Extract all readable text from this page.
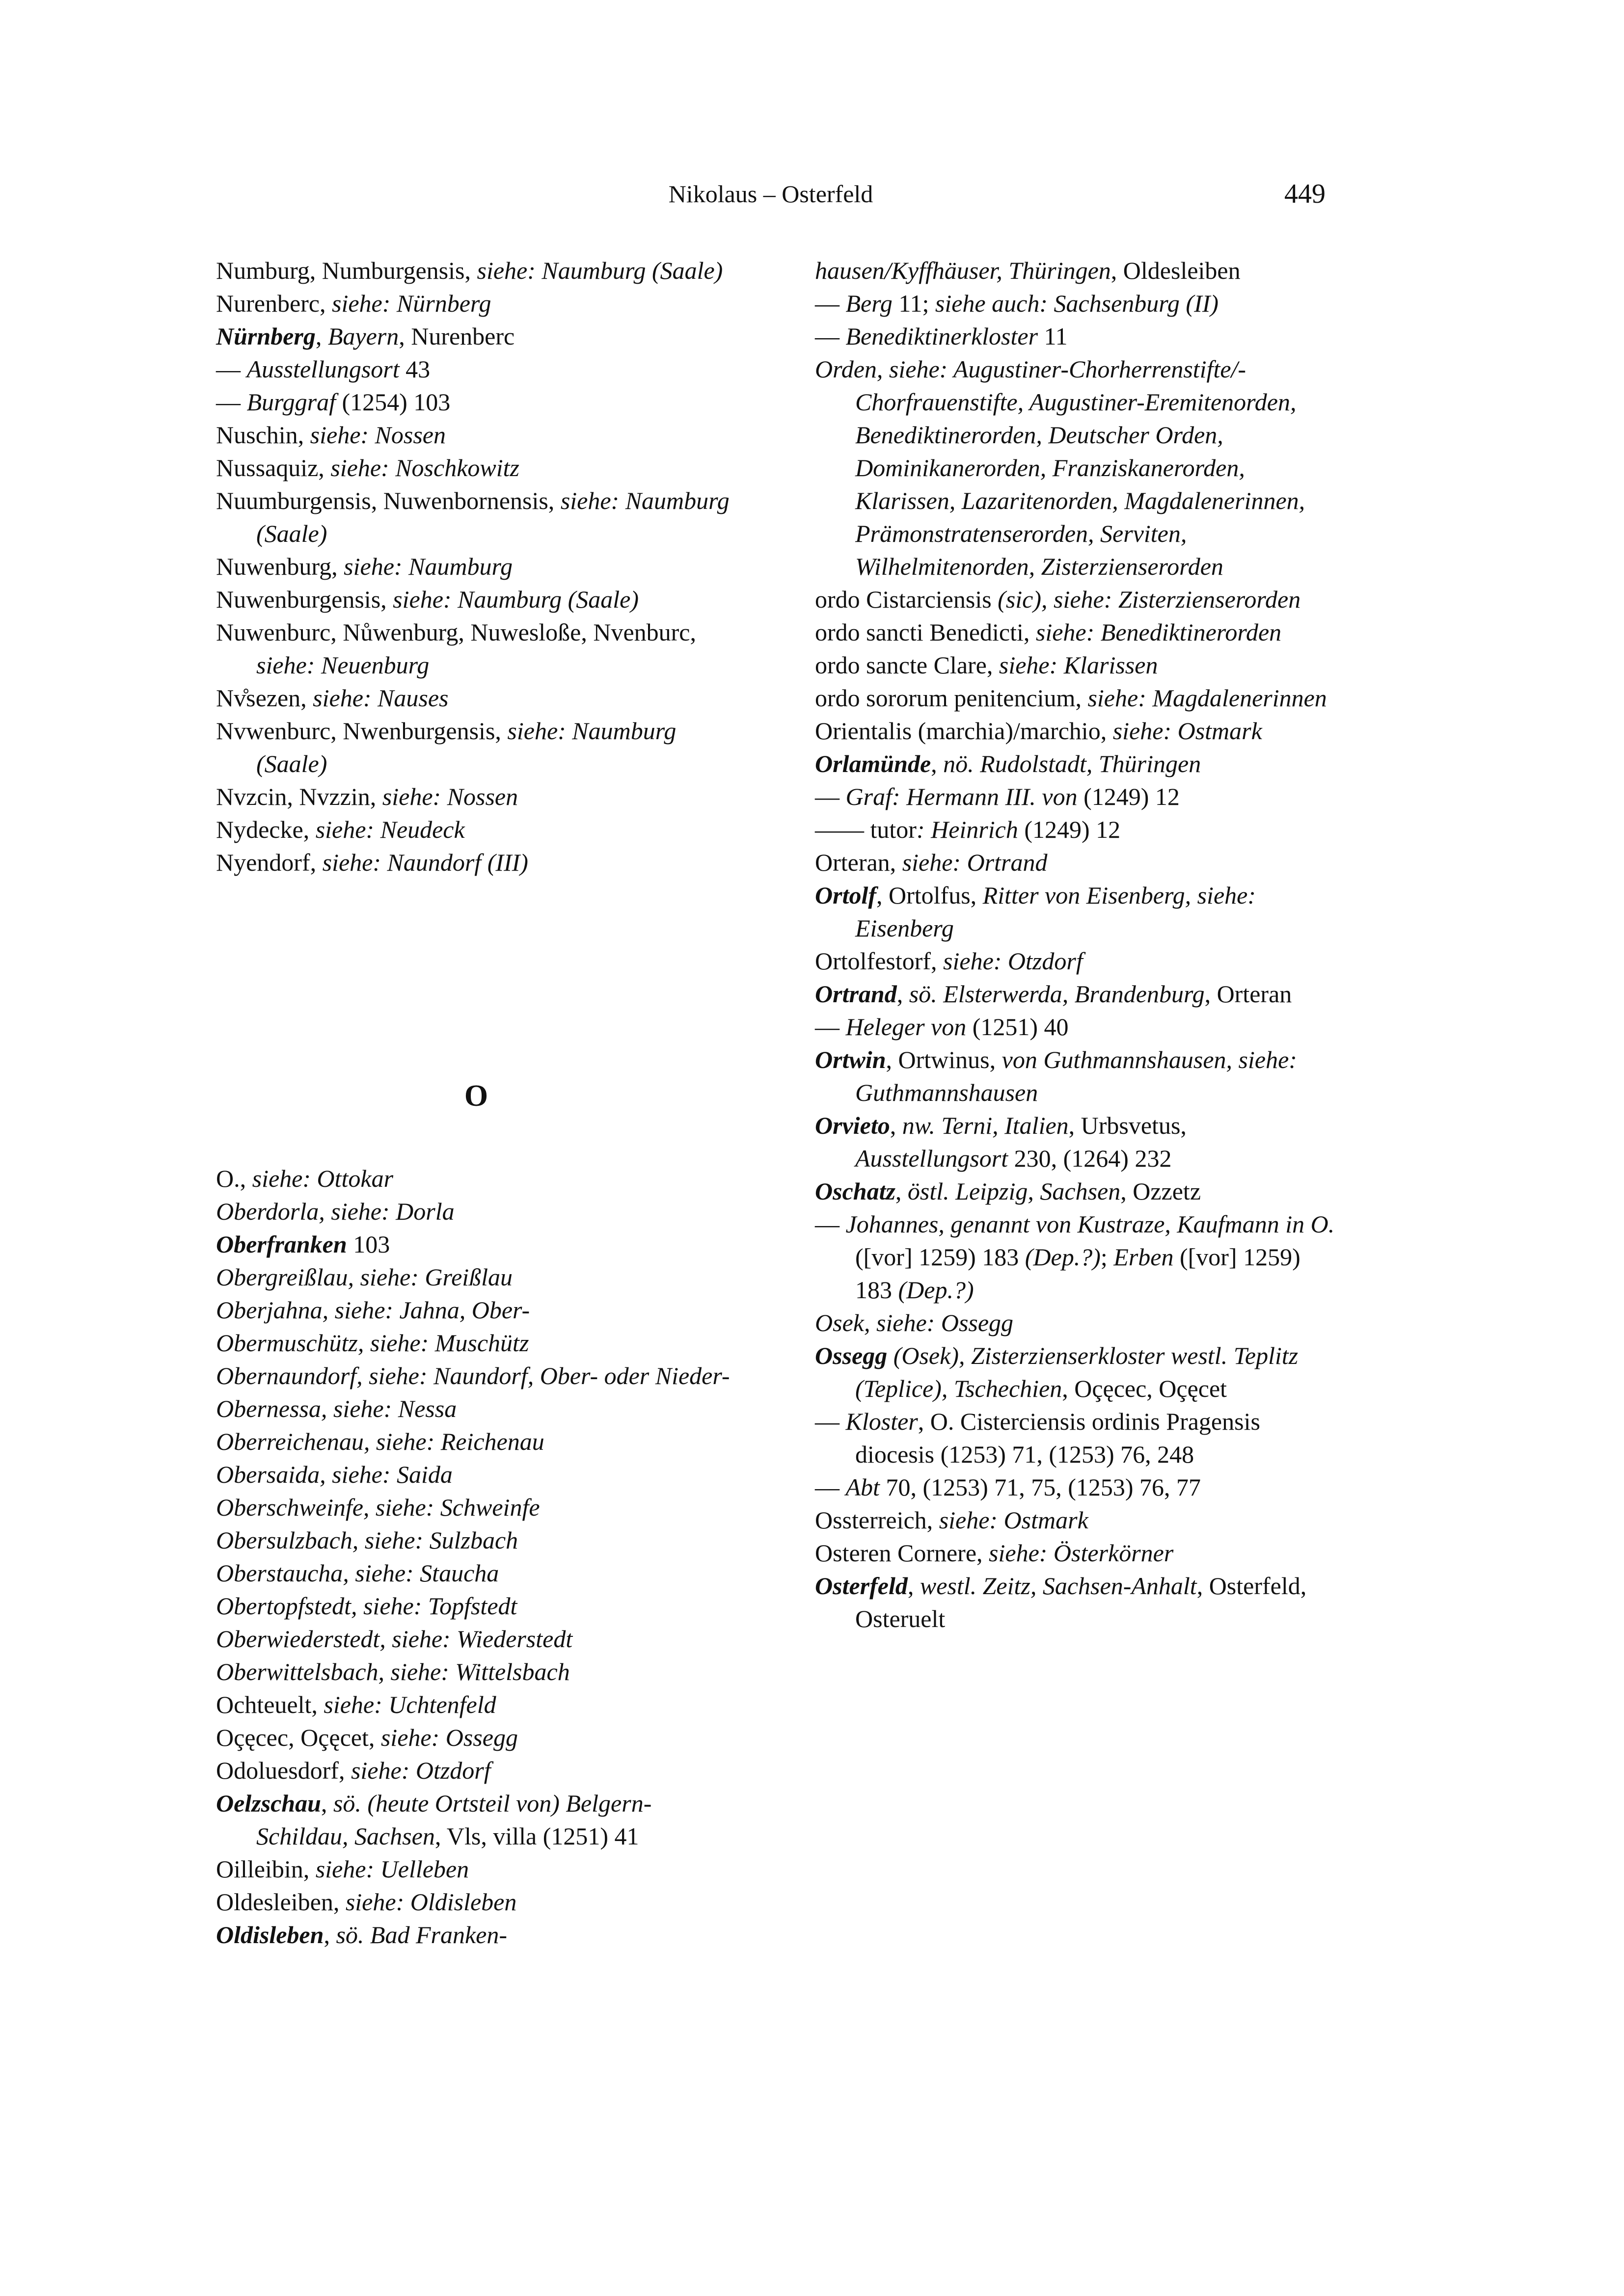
Nikolaus – Osterfeld	449

Numburg, Numburgensis, siehe: Naumburg (Saale)

Nurenberc, siehe: Nürnberg

Nürnberg, Bayern, Nurenberc

— Ausstellungsort 43

— Burggraf (1254) 103

Nuschin, siehe: Nossen

Nussaquiz, siehe: Noschkowitz

Nuumburgensis, Nuwenbornensis, siehe: Naumburg (Saale)

Nuwenburg, siehe: Naumburg

Nuwenburgensis, siehe: Naumburg (Saale)

Nuwenburc, Nůwenburg, Nuwesloße, Nvenburc, siehe: Neuenburg

Nv̊sezen, siehe: Nauses

Nvwenburc, Nwenburgensis, siehe: Naumburg (Saale)

Nvzcin, Nvzzin, siehe: Nossen

Nydecke, siehe: Neudeck

Nyendorf, siehe: Naundorf (III)

O

O., siehe: Ottokar

Oberdorla, siehe: Dorla

Oberfranken 103

Obergreißlau, siehe: Greißlau

Oberjahna, siehe: Jahna, Ober-

Obermuschütz, siehe: Muschütz

Obernaundorf, siehe: Naundorf, Ober- oder Nieder-

Obernessa, siehe: Nessa

Oberreichenau, siehe: Reichenau

Obersaida, siehe: Saida

Oberschweinfe, siehe: Schweinfe

Obersulzbach, siehe: Sulzbach

Oberstaucha, siehe: Staucha

Obertopfstedt, siehe: Topfstedt

Oberwiederstedt, siehe: Wiederstedt

Oberwittelsbach, siehe: Wittelsbach

Ochteuelt, siehe: Uchtenfeld

Oçęcec, Oçęcet, siehe: Ossegg

Odoluesdorf, siehe: Otzdorf

Oelzschau, sö. (heute Ortsteil von) Belgern-Schildau, Sachsen, Vls, villa (1251) 41

Oilleibin, siehe: Uelleben

Oldesleiben, siehe: Oldisleben

Oldisleben, sö. Bad Franken-

hausen/Kyffhäuser, Thüringen, Oldesleiben

— Berg 11; siehe auch: Sachsenburg (II)

— Benediktinerkloster 11

Orden, siehe: Augustiner-Chorherrenstifte/-Chorfrauenstifte, Augustiner-Eremitenorden, Benediktinerorden, Deutscher Orden, Dominikanerorden, Franziskanerorden, Klarissen, Lazaritenorden, Magdalenerinnen, Prämonstratenserorden, Serviten, Wilhelmitenorden, Zisterzienserorden

ordo Cistarciensis (sic), siehe: Zisterzienserorden

ordo sancti Benedicti, siehe: Benediktinerorden

ordo sancte Clare, siehe: Klarissen

ordo sororum penitencium, siehe: Magdalenerinnen

Orientalis (marchia)/marchio, siehe: Ostmark

Orlamünde, nö. Rudolstadt, Thüringen

— Graf: Hermann III. von (1249) 12

—— tutor: Heinrich (1249) 12

Orteran, siehe: Ortrand

Ortolf, Ortolfus, Ritter von Eisenberg, siehe: Eisenberg

Ortolfestorf, siehe: Otzdorf

Ortrand, sö. Elsterwerda, Brandenburg, Orteran

— Heleger von (1251) 40

Ortwin, Ortwinus, von Guthmannshausen, siehe: Guthmannshausen

Orvieto, nw. Terni, Italien, Urbsvetus, Ausstellungsort 230, (1264) 232

Oschatz, östl. Leipzig, Sachsen, Ozzetz

— Johannes, genannt von Kustraze, Kaufmann in O. ([vor] 1259) 183 (Dep.?); Erben ([vor] 1259) 183 (Dep.?)

Osek, siehe: Ossegg

Ossegg (Osek), Zisterzienserkloster westl. Teplitz (Teplice), Tschechien, Oçęcec, Oçęcet

— Kloster, O. Cisterciensis ordinis Pragensis diocesis (1253) 71, (1253) 76, 248

— Abt 70, (1253) 71, 75, (1253) 76, 77

Ossterreich, siehe: Ostmark

Osteren Cornere, siehe: Österkörner

Osterfeld, westl. Zeitz, Sachsen-Anhalt, Osterfeld, Osteruelt
